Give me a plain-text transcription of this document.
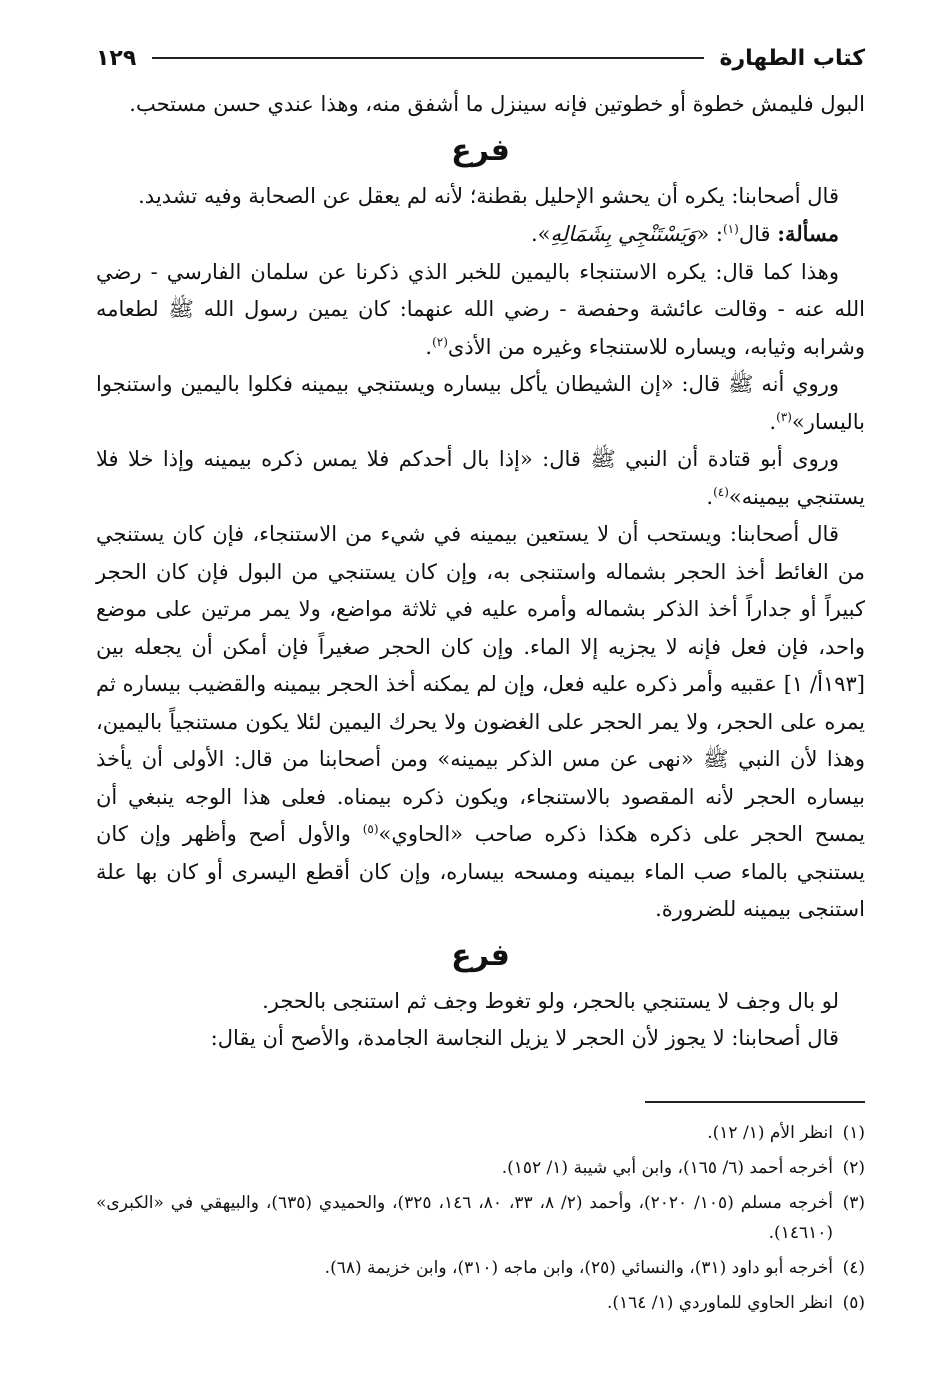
كتاب الطهارة
١٢٩

البول فليمش خطوة أو خطوتين فإنه سينزل ما أشفق منه، وهذا عندي حسن مستحب.

فرع

قال أصحابنا: يكره أن يحشو الإحليل بقطنة؛ لأنه لم يعقل عن الصحابة وفيه تشديد.

مسألة: قال$^{(١)}$: «وَيَسْتَنْجِي بِشَمَالِهِ».

وهذا كما قال: يكره الاستنجاء باليمين للخبر الذي ذكرنا عن سلمان الفارسي - رضي الله عنه - وقالت عائشة وحفصة - رضي الله عنهما: كان يمين رسول الله ﷺ لطعامه وشرابه وثيابه، ويساره للاستنجاء وغيره من الأذى$^{(٢)}$.

وروي أنه ﷺ قال: «إن الشيطان يأكل بيساره ويستنجي بيمينه فكلوا باليمين واستنجوا باليسار»$^{(٣)}$.

وروى أبو قتادة أن النبي ﷺ قال: «إذا بال أحدكم فلا يمس ذكره بيمينه وإذا خلا فلا يستنجي بيمينه»$^{(٤)}$.

قال أصحابنا: ويستحب أن لا يستعين بيمينه في شيء من الاستنجاء، فإن كان يستنجي من الغائط أخذ الحجر بشماله واستنجى به، وإن كان يستنجي من البول فإن كان الحجر كبيراً أو جداراً أخذ الذكر بشماله وأمره عليه في ثلاثة مواضع، ولا يمر مرتين على موضع واحد، فإن فعل فإنه لا يجزيه إلا الماء. وإن كان الحجر صغيراً فإن أمكن أن يجعله بين [١٩٣أ/ ١] عقبيه وأمر ذكره عليه فعل، وإن لم يمكنه أخذ الحجر بيمينه والقضيب بيساره ثم يمره على الحجر، ولا يمر الحجر على الغضون ولا يحرك اليمين لئلا يكون مستنجياً باليمين، وهذا لأن النبي ﷺ «نهى عن مس الذكر بيمينه» ومن أصحابنا من قال: الأولى أن يأخذ بيساره الحجر لأنه المقصود بالاستنجاء، ويكون ذكره بيمناه. فعلى هذا الوجه ينبغي أن يمسح الحجر على ذكره هكذا ذكره صاحب «الحاوي»$^{(٥)}$ والأول أصح وأظهر وإن كان يستنجي بالماء صب الماء بيمينه ومسحه بيساره، وإن كان أقطع اليسرى أو كان بها علة استنجى بيمينه للضرورة.

فرع

لو بال وجف لا يستنجي بالحجر، ولو تغوط وجف ثم استنجى بالحجر.

قال أصحابنا: لا يجوز لأن الحجر لا يزيل النجاسة الجامدة، والأصح أن يقال:

(١)
انظر الأم (١/ ١٢).
(٢)
أخرجه أحمد (٦/ ١٦٥)، وابن أبي شيبة (١/ ١٥٢).
(٣)
أخرجه مسلم (١٠٥/ ٢٠٢٠)، وأحمد (٢/ ٨، ٣٣، ٨٠، ١٤٦، ٣٢٥)، والحميدي (٦٣٥)، والبيهقي في «الكبرى» (١٤٦١٠).
(٤)
أخرجه أبو داود (٣١)، والنسائي (٢٥)، وابن ماجه (٣١٠)، وابن خزيمة (٦٨).
(٥)
انظر الحاوي للماوردي (١/ ١٦٤).
